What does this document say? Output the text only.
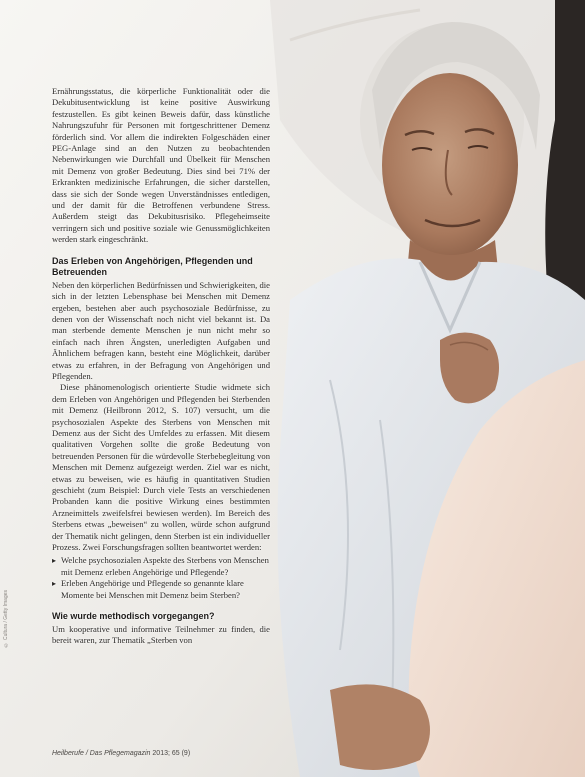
Ernährungsstatus, die körperliche Funktionalität oder die Dekubitusentwicklung ist keine positive Auswirkung festzustellen. Es gibt keinen Beweis dafür, dass künstliche Nahrungszufuhr für Personen mit fortgeschrittener Demenz förderlich sind. Vor allem die indirekten Folgeschäden einer PEG-Anlage sind an den Nutzen zu beobachtenden Nebenwirkungen wie Durchfall und Übelkeit für Menschen mit Demenz von großer Bedeutung. Dies sind bei 71% der Erkrankten medizinische Erfahrungen, die sicher darstellen, dass sie sich der Sonde wegen Unverständnisses entledigen, und der damit für die Betroffenen verbundene Stress. Außerdem steigt das Dekubitusrisiko. Pflegeheimseite verringern sich und positive soziale wie Genussmöglichkeiten werden stark eingeschränkt.

Das Erleben von Angehörigen, Pflegenden und Betreuenden

Neben den körperlichen Bedürfnissen und Schwierigkeiten, die sich in der letzten Lebensphase bei Menschen mit Demenz ergeben, bestehen aber auch psychosoziale Bedürfnisse, zu denen von der Wissenschaft noch nicht viel bekannt ist. Da man sterbende demente Menschen je nun nicht mehr so einfach nach ihren Ängsten, unerledigten Aufgaben und Ähnlichem befragen kann, besteht eine Möglichkeit, darüber etwas zu erfahren, in der Befragung von Angehörigen und Pflegenden.

Diese phänomenologisch orientierte Studie widmete sich dem Erleben von Angehörigen und Pflegenden bei Sterbenden mit Demenz (Heilbronn 2012, S. 107) versucht, um die psychosozialen Aspekte des Sterbens von Menschen mit Demenz aus der Sicht des Umfeldes zu erfassen. Mit diesem qualitativen Vorgehen sollte die große Bedeutung von betreuenden Personen für die würdevolle Sterbebegleitung von Menschen mit Demenz aufgezeigt werden. Ziel war es nicht, etwas zu beweisen, wie es häufig in quantitativen Studien geschieht (zum Beispiel: Durch viele Tests an verschiedenen Probanden kann die positive Wirkung eines bestimmten Arzneimittels zweifelsfrei bewiesen werden). Im Bereich des Sterbens etwas „beweisen“ zu wollen, würde schon aufgrund der Thematik nicht gelingen, denn Sterben ist ein individueller Prozess. Zwei Forschungsfragen sollten beantwortet werden:

▸ Welche psychosozialen Aspekte des Sterbens von Menschen mit Demenz erleben Angehörige und Pflegende?
▸ Erleben Angehörige und Pflegende so genannte klare Momente bei Menschen mit Demenz beim Sterben?
Wie wurde methodisch vorgegangen?

Um kooperative und informative Teilnehmer zu finden, die bereit waren, zur Thematik „Sterben von

© Cultura / Getty Images
Heilberufe / Das Pflegemagazin 2013; 65 (9)
